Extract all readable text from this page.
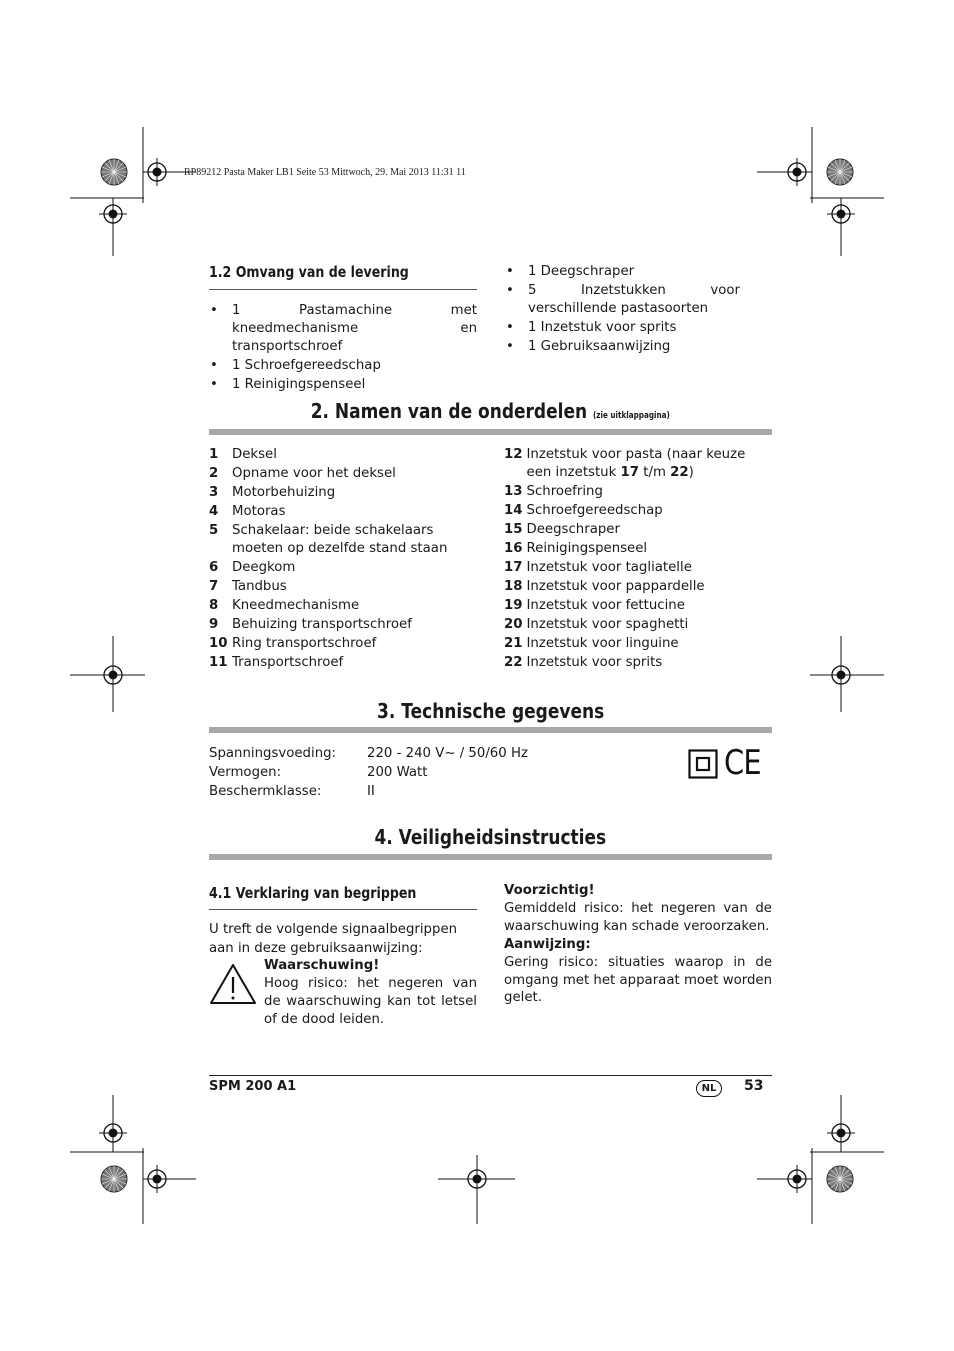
RP89212 Pasta Maker LB1 Seite 53 Mittwoch, 29. Mai 2013 11:31 11
1.2 Omvang van de levering
• 1 Pastamachine met kneedmechanisme en transportschroef
• 1 Schroefgereedschap
• 1 Reinigingspenseel
• 1 Deegschraper
• 5 Inzetstukken voor verschillende pastasoorten
• 1 Inzetstuk voor sprits
• 1 Gebruiksaanwijzing
2. Namen van de onderdelen (zie uitklappagina)
1	Deksel
2	Opname voor het deksel
3	Motorbehuizing
4	Motoras
5	Schakelaar: beide schakelaars moeten op dezelfde stand staan
6	Deegkom
7	Tandbus
8	Kneedmechanisme
9	Behuizing transportschroef
10 Ring transportschroef
11 Transportschroef
12 Inzetstuk voor pasta (naar keuze een inzetstuk 17 t/m 22)
13 Schroefring
14 Schroefgereedschap
15 Deegschraper
16 Reinigingspenseel
17 Inzetstuk voor tagliatelle
18 Inzetstuk voor pappardelle
19 Inzetstuk voor fettucine
20 Inzetstuk voor spaghetti
21 Inzetstuk voor linguine
22 Inzetstuk voor sprits
3. Technische gegevens
Spanningsvoeding:	220 - 240 V~ / 50/60 Hz
Vermogen:	200 Watt
Beschermklasse:	II
CE
4. Veiligheidsinstructies
4.1 Verklaring van begrippen
U treft de volgende signaalbegrippen aan in deze gebruiksaanwijzing:
Waarschuwing!
Hoog risico: het negeren van de waarschuwing kan tot letsel of de dood leiden.
Voorzichtig!
Gemiddeld risico: het negeren van de waarschuwing kan schade veroorzaken.
Aanwijzing:
Gering risico: situaties waarop in de omgang met het apparaat moet worden gelet.
SPM 200 A1	NL	53
